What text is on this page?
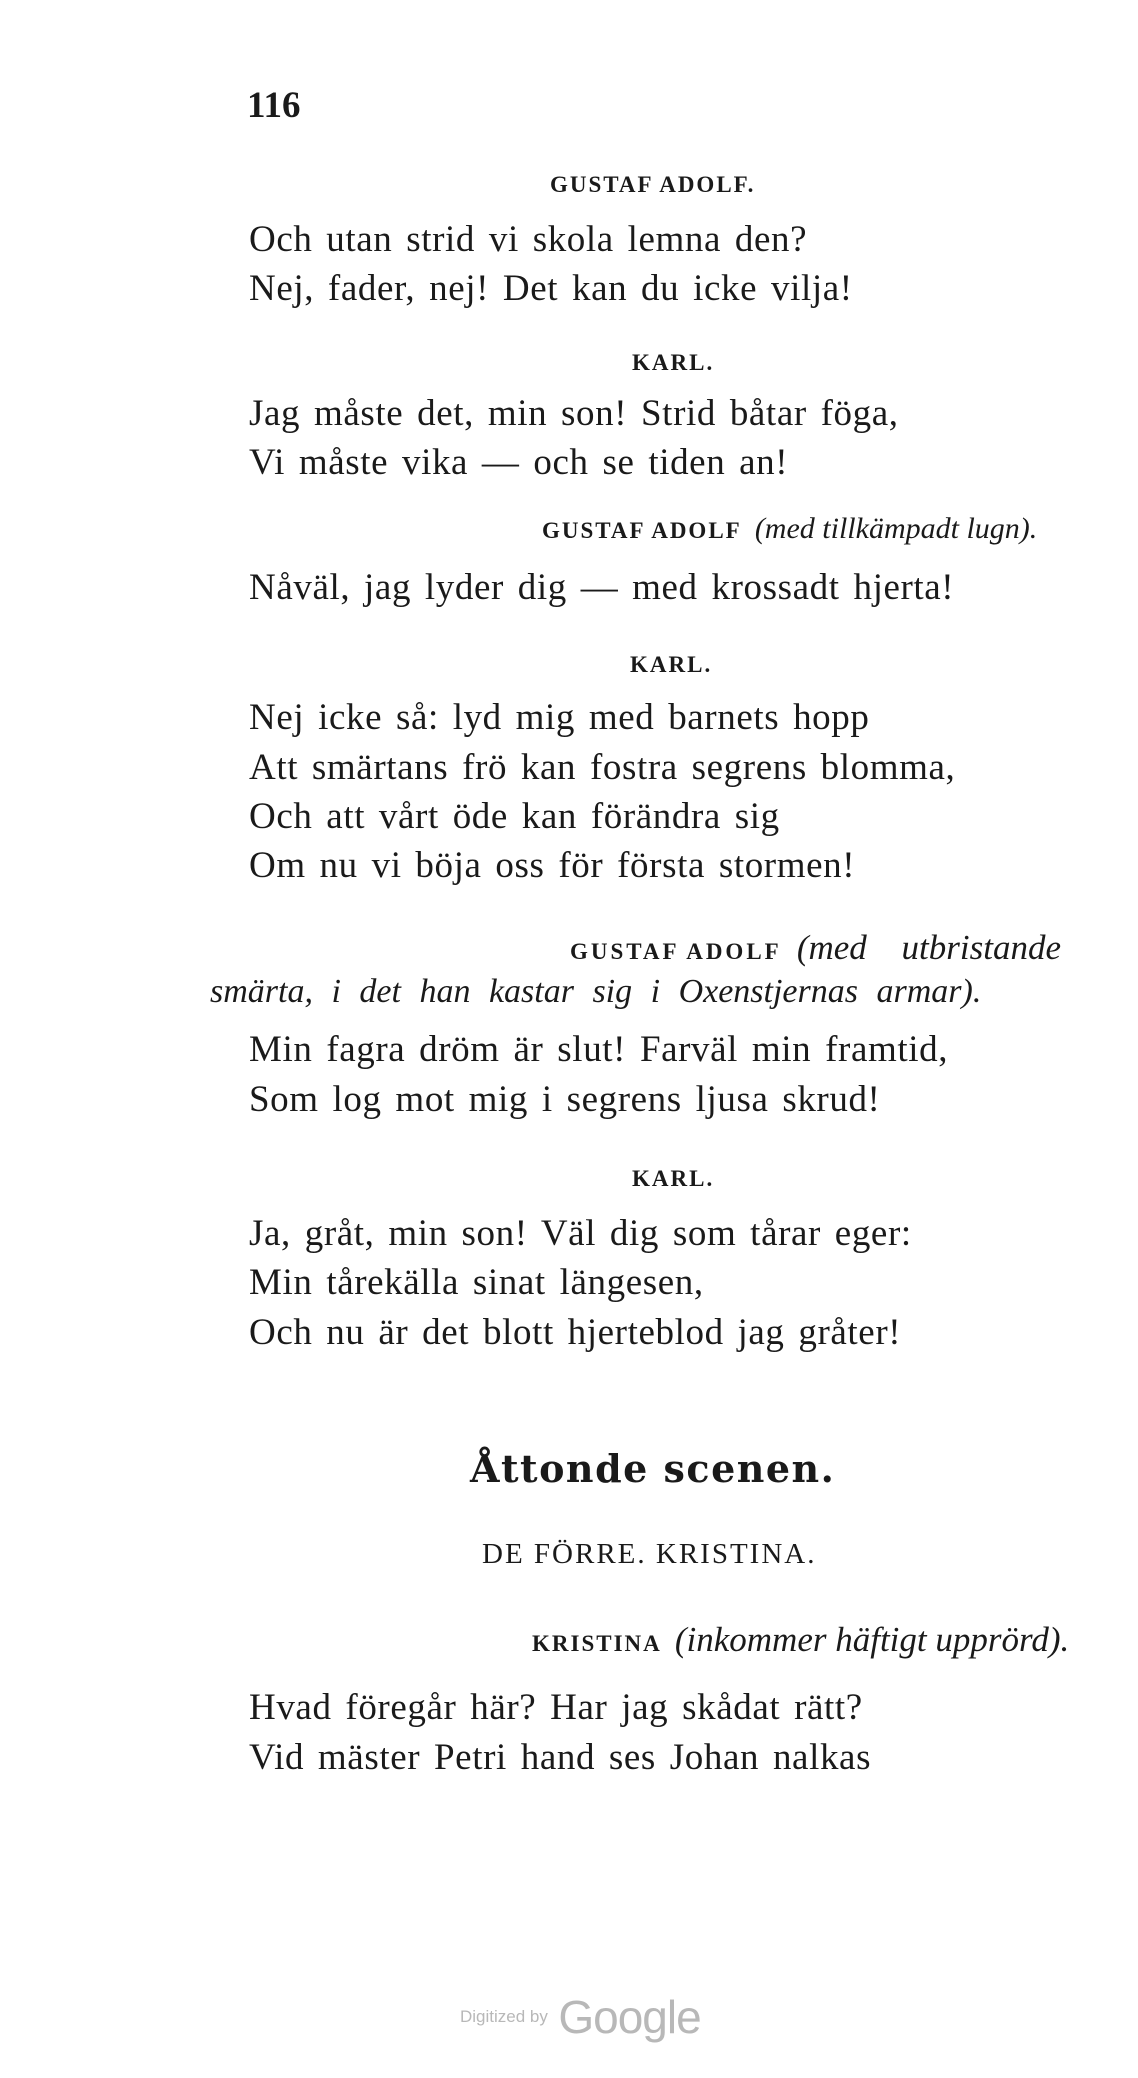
116
GUSTAF ADOLF.
Och utan strid vi skola lemna den?
Nej, fader, nej! Det kan du icke vilja!
KARL.
Jag måste det, min son! Strid båtar föga,
Vi måste vika — och se tiden an!
GUSTAF ADOLF (med tillkämpadt lugn).
Nåväl, jag lyder dig — med krossadt hjerta!
KARL.
Nej icke så: lyd mig med barnets hopp
Att smärtans frö kan fostra segrens blomma,
Och att vårt öde kan förändra sig
Om nu vi böja oss för första stormen!
GUSTAF ADOLF (med utbristande
smärta, i det han kastar sig i Oxenstjernas armar).
Min fagra dröm är slut! Farväl min framtid,
Som log mot mig i segrens ljusa skrud!
KARL.
Ja, gråt, min son! Väl dig som tårar eger:
Min tårekälla sinat längesen,
Och nu är det blott hjerteblod jag gråter!
Åttonde scenen.
DE FÖRRE. KRISTINA.
KRISTINA (inkommer häftigt upprörd).
Hvad föregår här? Har jag skådat rätt?
Vid mäster Petri hand ses Johan nalkas
Digitized by Google
